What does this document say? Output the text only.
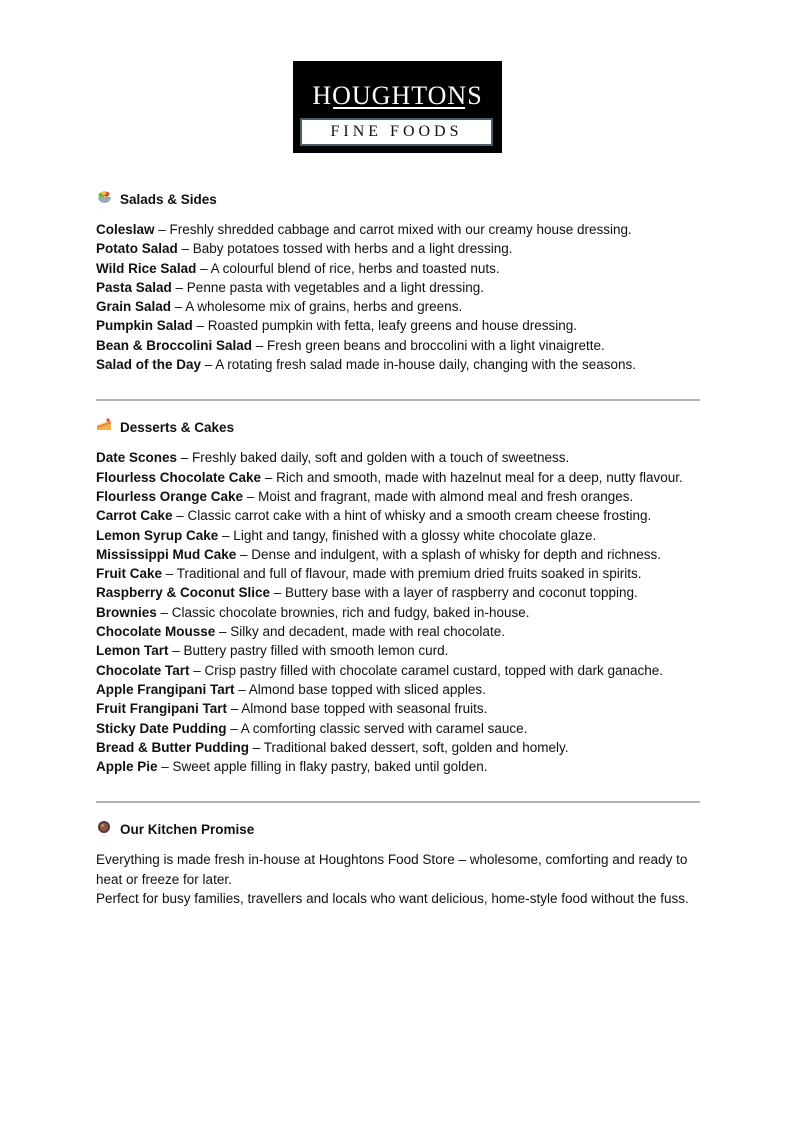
HOUGHTONS
FINE FOODS
Salads & Sides

Coleslaw – Freshly shredded cabbage and carrot mixed with our creamy house dressing.

Potato Salad – Baby potatoes tossed with herbs and a light dressing.

Wild Rice Salad – A colourful blend of rice, herbs and toasted nuts.

Pasta Salad – Penne pasta with vegetables and a light dressing.

Grain Salad – A wholesome mix of grains, herbs and greens.

Pumpkin Salad – Roasted pumpkin with fetta, leafy greens and house dressing.

Bean & Broccolini Salad – Fresh green beans and broccolini with a light vinaigrette.

Salad of the Day – A rotating fresh salad made in-house daily, changing with the seasons.

Desserts & Cakes

Date Scones – Freshly baked daily, soft and golden with a touch of sweetness.

Flourless Chocolate Cake – Rich and smooth, made with hazelnut meal for a deep, nutty flavour.

Flourless Orange Cake – Moist and fragrant, made with almond meal and fresh oranges.

Carrot Cake – Classic carrot cake with a hint of whisky and a smooth cream cheese frosting.

Lemon Syrup Cake – Light and tangy, finished with a glossy white chocolate glaze.

Mississippi Mud Cake – Dense and indulgent, with a splash of whisky for depth and richness.

Fruit Cake – Traditional and full of flavour, made with premium dried fruits soaked in spirits.

Raspberry & Coconut Slice – Buttery base with a layer of raspberry and coconut topping.

Brownies – Classic chocolate brownies, rich and fudgy, baked in-house.

Chocolate Mousse – Silky and decadent, made with real chocolate.

Lemon Tart – Buttery pastry filled with smooth lemon curd.

Chocolate Tart – Crisp pastry filled with chocolate caramel custard, topped with dark ganache.

Apple Frangipani Tart – Almond base topped with sliced apples.

Fruit Frangipani Tart – Almond base topped with seasonal fruits.

Sticky Date Pudding – A comforting classic served with caramel sauce.

Bread & Butter Pudding – Traditional baked dessert, soft, golden and homely.

Apple Pie – Sweet apple filling in flaky pastry, baked until golden.

Our Kitchen Promise

Everything is made fresh in-house at Houghtons Food Store – wholesome, comforting and ready to heat or freeze for later.

Perfect for busy families, travellers and locals who want delicious, home-style food without the fuss.
